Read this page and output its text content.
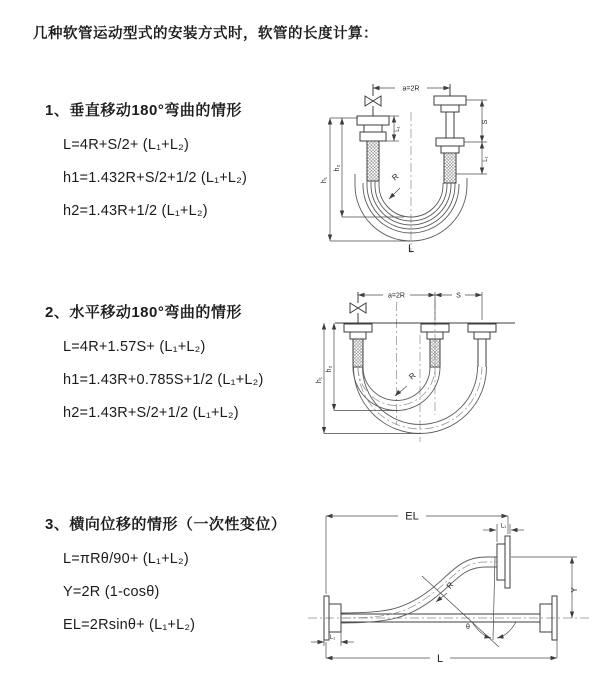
几种软管运动型式的安装方式时，软管的长度计算：
1、垂直移动180°弯曲的情形
L=4R+S/2+ (L₁+L₂)
h1=1.432R+S/2+1/2 (L₁+L₂)
h2=1.43R+1/2 (L₁+L₂)
2、水平移动180°弯曲的情形
L=4R+1.57S+ (L₁+L₂)
h1=1.43R+0.785S+1/2 (L₁+L₂)
h2=1.43R+S/2+1/2 (L₁+L₂)
3、横向位移的情形（一次性变位）
L=πRθ/90+ (L₁+L₂)
Y=2R (1-cosθ)
EL=2Rsinθ+ (L₁+L₂)
a=2R
h₁
h₂
L₁
S
L₁
R
L
a=2R	S
h₁
h₂
R
EL
L₁
Y
L
L₁
R
θ
